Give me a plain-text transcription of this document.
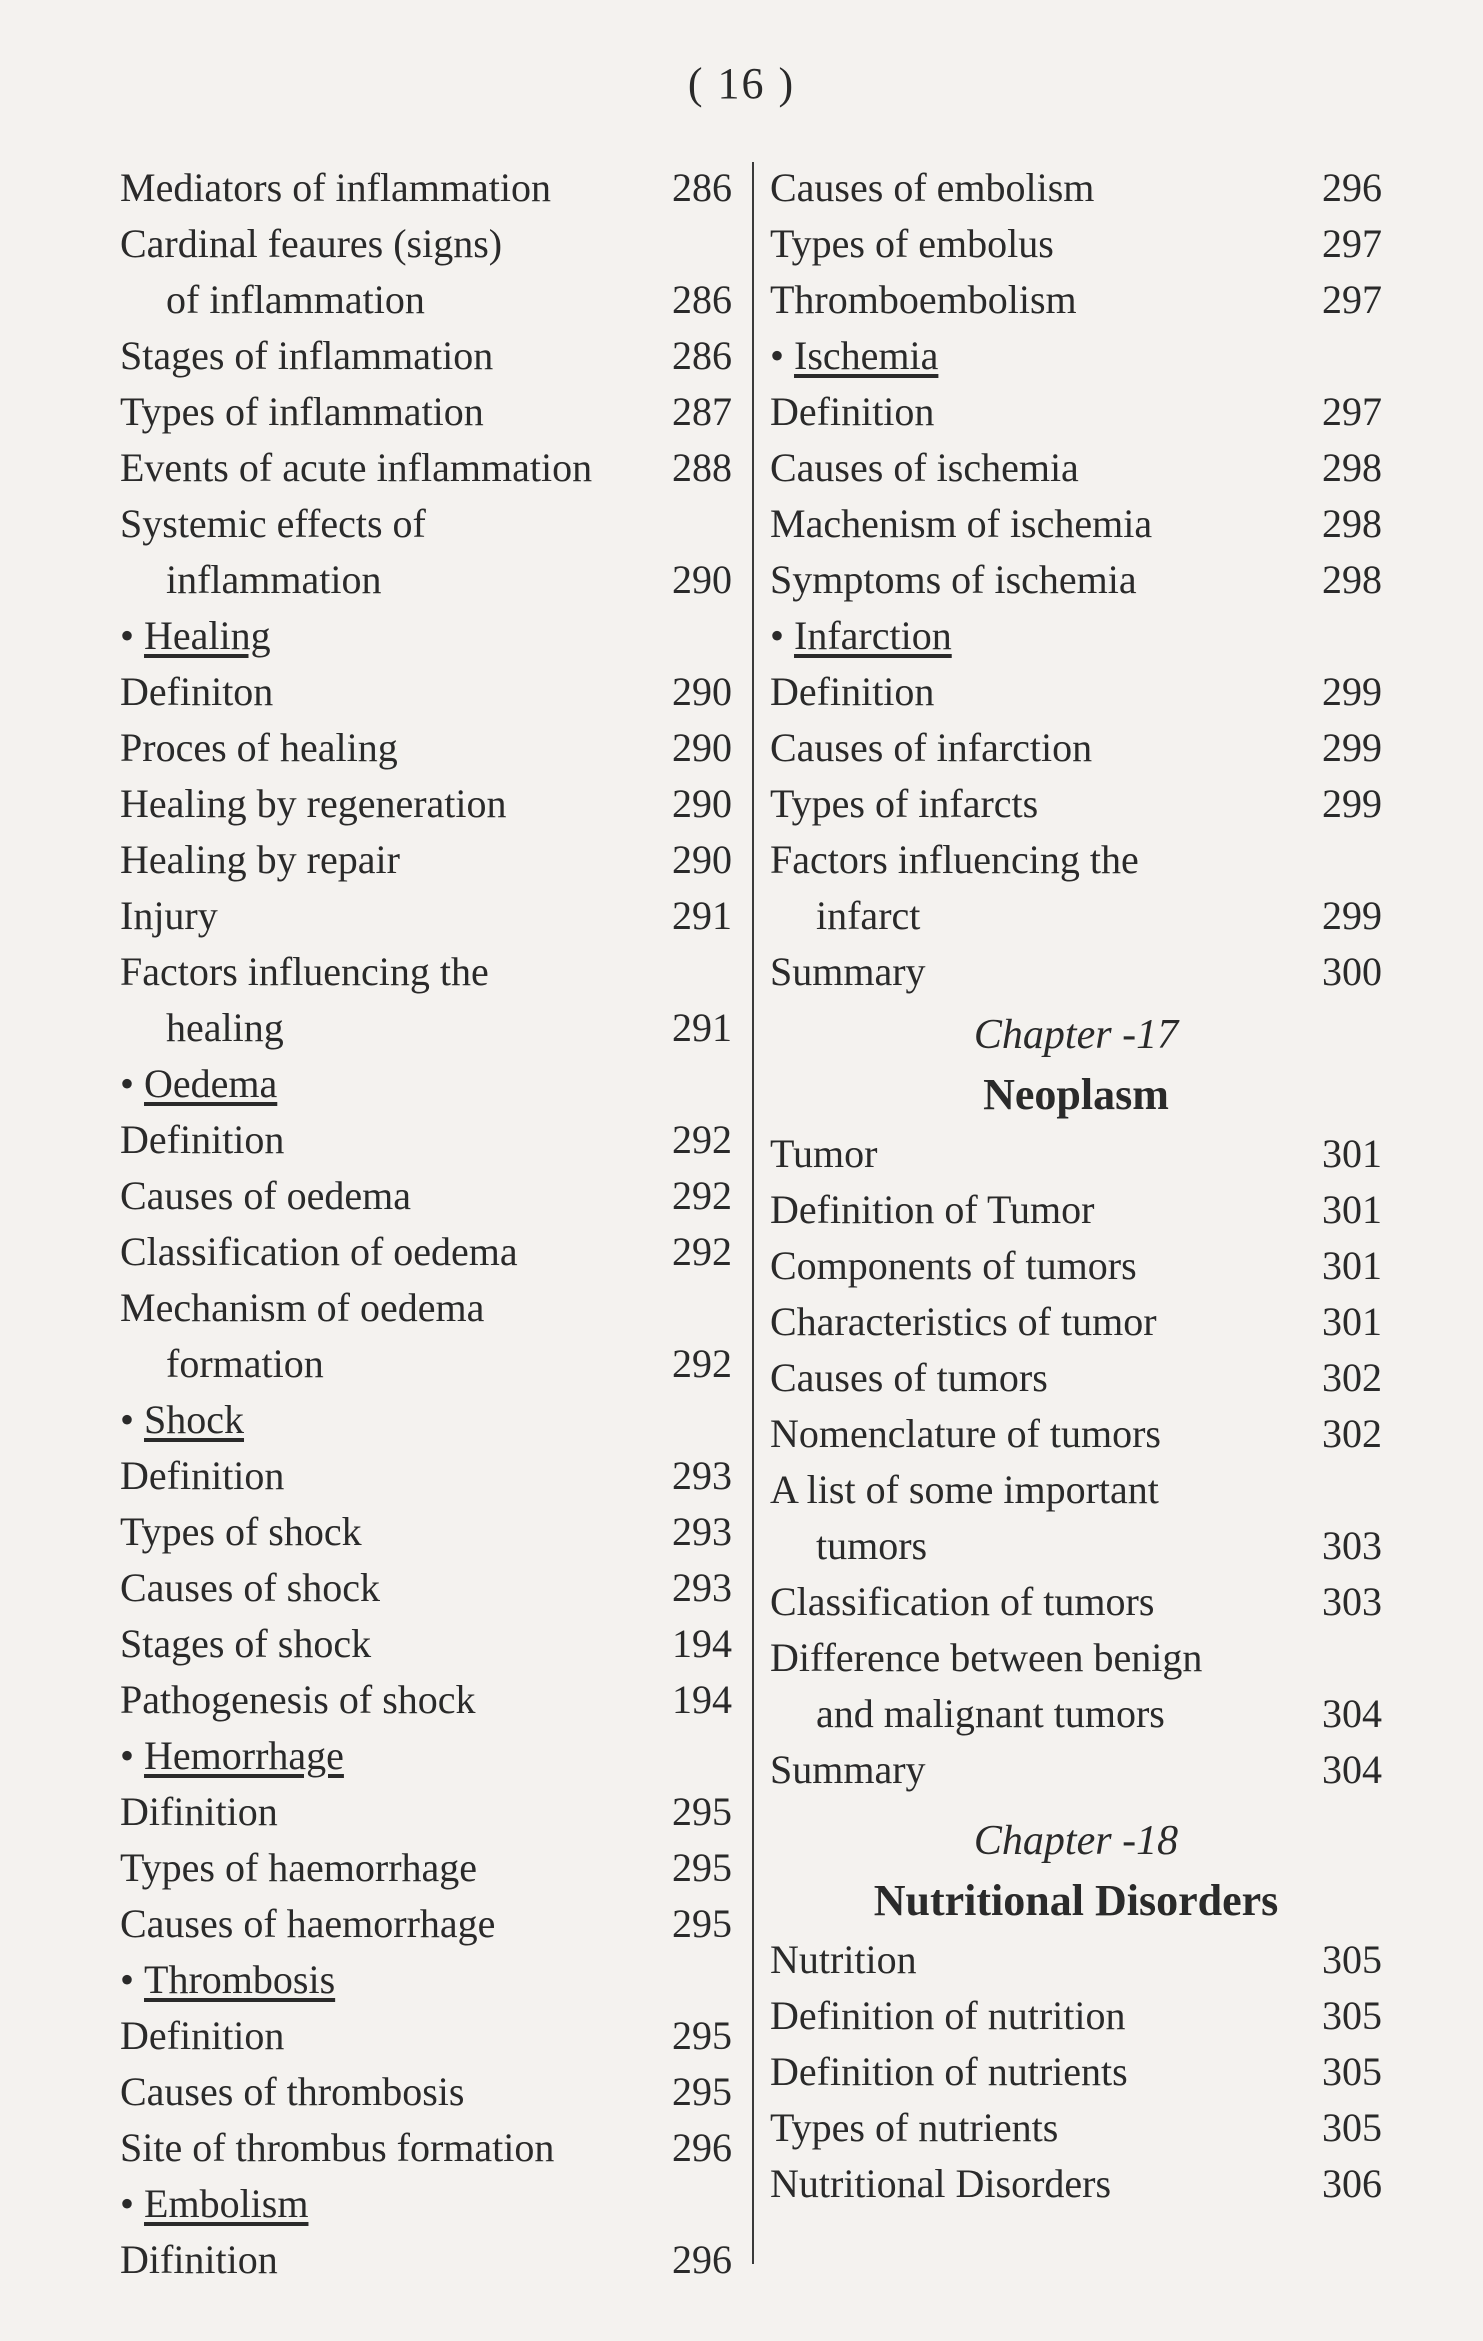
( 16 )
Mediators of inflammation	286
Cardinal feaures (signs)
of inflammation	286
Stages of inflammation	286
Types of inflammation	287
Events of acute inflammation 288
Systemic effects of
inflammation	290
• Healing
Definiton	290
Proces of healing	290
Healing by regeneration	290
Healing by repair	290
Injury	291
Factors influencing the
healing	291
• Oedema
Definition	292
Causes of oedema	292
Classification of oedema	292
Mechanism of oedema
formation	292
• Shock
Definition	293
Types of shock	293
Causes of shock	293
Stages of shock	194
Pathogenesis of shock	194
• Hemorrhage
Difinition	295
Types of haemorrhage	295
Causes of haemorrhage	295
• Thrombosis
Definition	295
Causes of thrombosis	295
Site of thrombus formation	296
• Embolism
Difinition	296
Causes of embolism	296
Types of embolus	297
Thromboembolism	297
• Ischemia
Definition	297
Causes of ischemia	298
Machenism of ischemia	298
Symptoms of ischemia	298
• Infarction
Definition	299
Causes of infarction	299
Types of infarcts	299
Factors influencing the
infarct	299
Summary	300
Chapter -17
Neoplasm
Tumor	301
Definition of Tumor	301
Components of tumors	301
Characteristics of tumor	301
Causes of tumors	302
Nomenclature of tumors	302
A list of some important
tumors	303
Classification of tumors	303
Difference between benign
and malignant tumors	304
Summary	304
Chapter -18
Nutritional Disorders
Nutrition	305
Definition of nutrition	305
Definition of nutrients	305
Types of nutrients	305
Nutritional Disorders	306
